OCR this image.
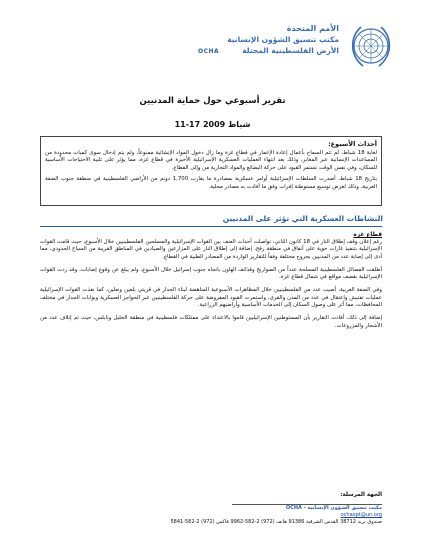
الأمم المتحدة
مكتب تنسيق الشؤون الإنسانية
الأرض الفلسطينية المحتلة
OCHA
تقرير أسبوعي حول حماية المدنيين
11-17 شباط 2009
أحداث الأسبوع:

لغاية 18 شباط، لم تتم السماح بأعمال إعادة الإعمار في قطاع غزة وما زال دخول المواد الإنشائية ممنوعاً، ولم يتم إدخال سوى كميات محدودة من المساعدات الإنسانية عبر المعابر، وذلك بعد انتهاء العمليات العسكرية الإسرائيلية الأخيرة في قطاع غزة، مما يؤثر على تلبية الاحتياجات الأساسية للسكان، وفي نفس الوقت تستمر القيود على حركة البضائع والمواد التجارية من وإلى القطاع.

بتاريخ 18 شباط، أصدرت السلطات الإسرائيلية أوامر عسكرية بمصادرة ما يقارب 1,700 دونم من الأراضي الفلسطينية في منطقة جنوب الضفة الغربية، وذلك لغرض توسيع مستوطنة إفرات وفق ما أفادت به مصادر محلية.

النشاطات العسكرية التي تؤثر على المدنيين
قطاع غزة

رغم إعلان وقف إطلاق النار في 18 كانون الثاني، تواصلت أحداث العنف بين القوات الإسرائيلية والمسلحين الفلسطينيين خلال الأسبوع، حيث قامت القوات الإسرائيلية بتنفيذ غارات جوية على أنفاق في منطقة رفح، إضافة إلى إطلاق النار على المزارعين والصيادين في المناطق القريبة من السياج الحدودي، مما أدى إلى إصابة عدد من المدنيين بجروح مختلفة وفقاً للتقارير الواردة من المصادر الطبية في القطاع.

أطلقت الفصائل الفلسطينية المسلحة عدداً من الصواريخ وقذائف الهاون باتجاه جنوب إسرائيل خلال الأسبوع، ولم يبلغ عن وقوع إصابات، وقد ردت القوات الإسرائيلية بقصف مواقع في شمال قطاع غزة.

وفي الضفة الغربية، أصيب عدد من الفلسطينيين خلال المظاهرات الأسبوعية المناهضة لبناء الجدار في قريتي بلعين ونعلين، كما نفذت القوات الإسرائيلية عمليات تفتيش واعتقال في عدد من المدن والقرى، واستمرت القيود المفروضة على حركة الفلسطينيين عبر الحواجز العسكرية وبوابات الجدار في مختلف المحافظات، مما أثر على وصول السكان إلى الخدمات الأساسية وأراضيهم الزراعية.

إضافة إلى ذلك، أفادت التقارير بأن المستوطنين الإسرائيليين قاموا بالاعتداء على ممتلكات فلسطينية في منطقة الخليل ونابلس، حيث تم إتلاف عدد من الأشجار والمزروعات.

الجهة المرسلة:
مكتب تنسيق الشؤون الإنسانية - OCHA
ochaopt@un.org
صندوق بريد 38712 القدس الشرقية 91386 هاتف (972) 2-582-9962 فاكس (972) 2-582-5841
